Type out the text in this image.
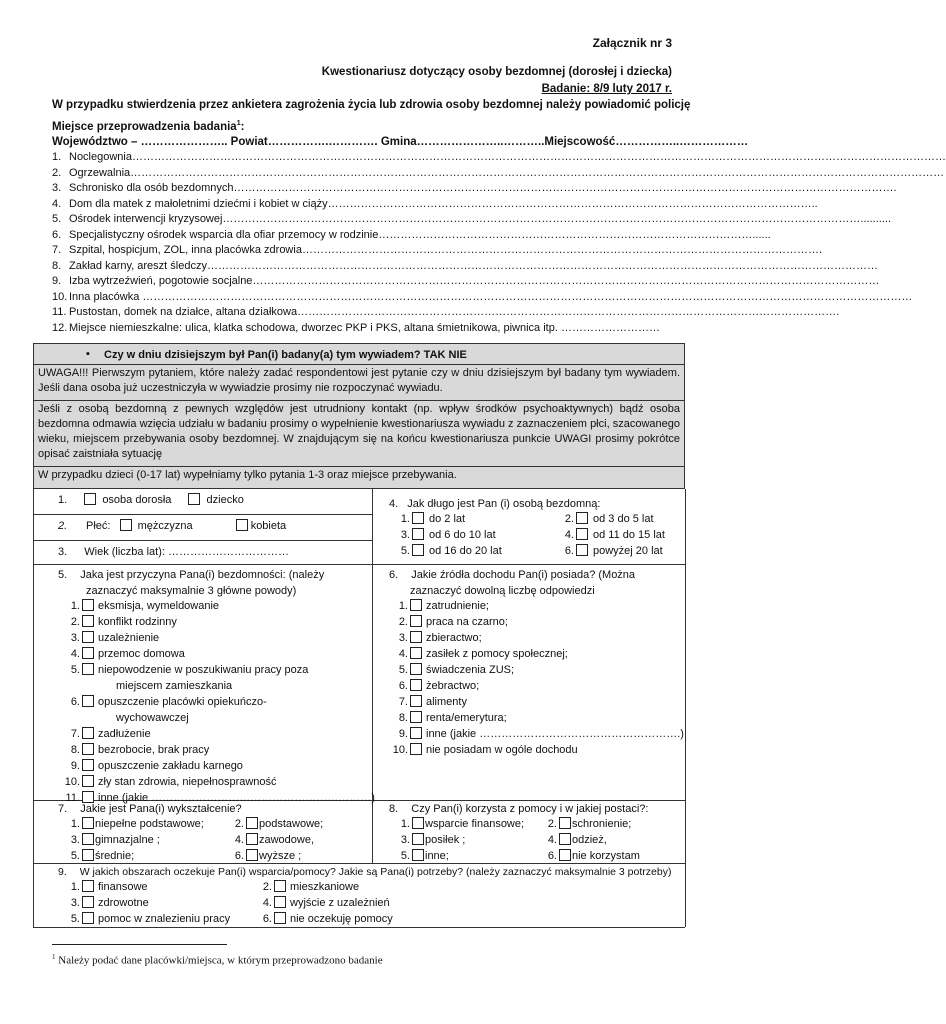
Załącznik nr 3
Kwestionariusz dotyczący osoby bezdomnej (dorosłej i dziecka)
Badanie: 8/9 luty 2017 r.
W przypadku stwierdzenia przez ankietera zagrożenia życia lub zdrowia osoby bezdomnej należy powiadomić policję
Miejsce przeprowadzenia badania$^1$:
Województwo – ………………….. Powiat…………….…………. Gmina…………………..………..Miejscowość……………..………………
1. Noclegownia……………………………………………………………………………………………………………………………………………………………………………………………………
2. Ogrzewalnia……………………………………………………………………………………………………………………………………………………………………………………………………
3. Schronisko dla osób bezdomnych……………………………………………………………………………………………………………………………………………………………….
4. Dom dla matek z małoletnimi dziećmi i kobiet w ciąży……………………………………………………………………………………………………………………..
5. Ośrodek interwencji kryzysowej…………………………………………………………………………………………………………………………………………………………..........
6. Specjalistyczny ośrodek wsparcia dla ofiar przemocy w rodzinie…………………………………………………………………………………………......
7. Szpital, hospicjum, ZOL, inna placówka zdrowia…………………………………………………………………………………………………………………………….
8. Zakład karny, areszt śledczy…………………………………………………………………………………………………………………………………………………………………
9. Izba wytrzeźwień, pogotowie socjalne………………………………………………………………………………………………………………………………………………………
10. Inna placówka …………………………………………………………………………………………………………………………………………………………………………………………
11. Pustostan, domek na działce, altana działkowa………………………………………………………………………………………………………………………………….
12. Miejsce niemieszkalne: ulica, klatka schodowa, dworzec PKP i PKS, altana śmietnikowa, piwnica itp. ………………………
▪ Czy w dniu dzisiejszym był Pan(i) badany(a) tym wywiadem? TAK NIE
UWAGA!!! Pierwszym pytaniem, które należy zadać respondentowi jest pytanie czy w dniu dzisiejszym był badany tym wywiadem. Jeśli dana osoba już uczestniczyła w wywiadzie prosimy nie rozpoczynać wywiadu.
Jeśli z osobą bezdomną z pewnych względów jest utrudniony kontakt (np. wpływ środków psychoaktywnych) bądź osoba bezdomna odmawia wzięcia udziału w badaniu prosimy o wypełnienie kwestionariusza wywiadu z zaznaczeniem płci, szacowanego wieku, miejscem przebywania osoby bezdomnej. W znajdującym się na końcu kwestionariusza punkcie UWAGI prosimy pokrótce opisać zaistniała sytuację
W przypadku dzieci (0-17 lat) wypełniamy tylko pytania 1-3 oraz miejsce przebywania.
1.	osoba dorosła	dziecko
2. Płeć: mężczyzna	kobieta
3. Wiek (liczba lat): ……………………………
4. Jak długo jest Pan (i) osobą bezdomną:
1. do 2 lat	2. od 3 do 5 lat
3. od 6 do 10 lat	4. od 11 do 15 lat
5. od 16 do 20 lat	6. powyżej 20 lat
5. Jaka jest przyczyna Pana(i) bezdomności: (należy
zaznaczyć maksymalnie 3 główne powody)
1. eksmisja, wymeldowanie
2. konflikt rodzinny
3. uzależnienie
4. przemoc domowa
5. niepowodzenie w poszukiwaniu pracy poza
miejscem zamieszkania
6. opuszczenie placówki opiekuńczo-
wychowawczej
7. zadłużenie
8. bezrobocie, brak pracy
9. opuszczenie zakładu karnego
10. zły stan zdrowia, niepełnosprawność
11. inne (jakie ……………………………………………………)
6. Jakie źródła dochodu Pan(i) posiada? (Można
zaznaczyć dowolną liczbę odpowiedzi
1. zatrudnienie;
2. praca na czarno;
3. zbieractwo;
4. zasiłek z pomocy społecznej;
5. świadczenia ZUS;
6. żebractwo;
7. alimenty
8. renta/emerytura;
9. inne (jakie ……………………………………………….)
10. nie posiadam w ogóle dochodu
7. Jakie jest Pana(i) wykształcenie?
1. niepełne podstawowe;	2. podstawowe;
3. gimnazjalne ;	4. zawodowe,
5. średnie;	6. wyższe ;
8. Czy Pan(i) korzysta z pomocy i w jakiej postaci?:
1. wsparcie finansowe;	2. schronienie;
3. posiłek ;	4. odzież,
5. inne;	6. nie korzystam
9. W jakich obszarach oczekuje Pan(i) wsparcia/pomocy? Jakie są Pana(i) potrzeby? (należy zaznaczyć maksymalnie 3 potrzeby)
1. finansowe	2. mieszkaniowe
3. zdrowotne	4. wyjście z uzależnień
5. pomoc w znalezieniu pracy	6. nie oczekuję pomocy
$^1$ Należy podać dane placówki/miejsca, w którym przeprowadzono badanie
